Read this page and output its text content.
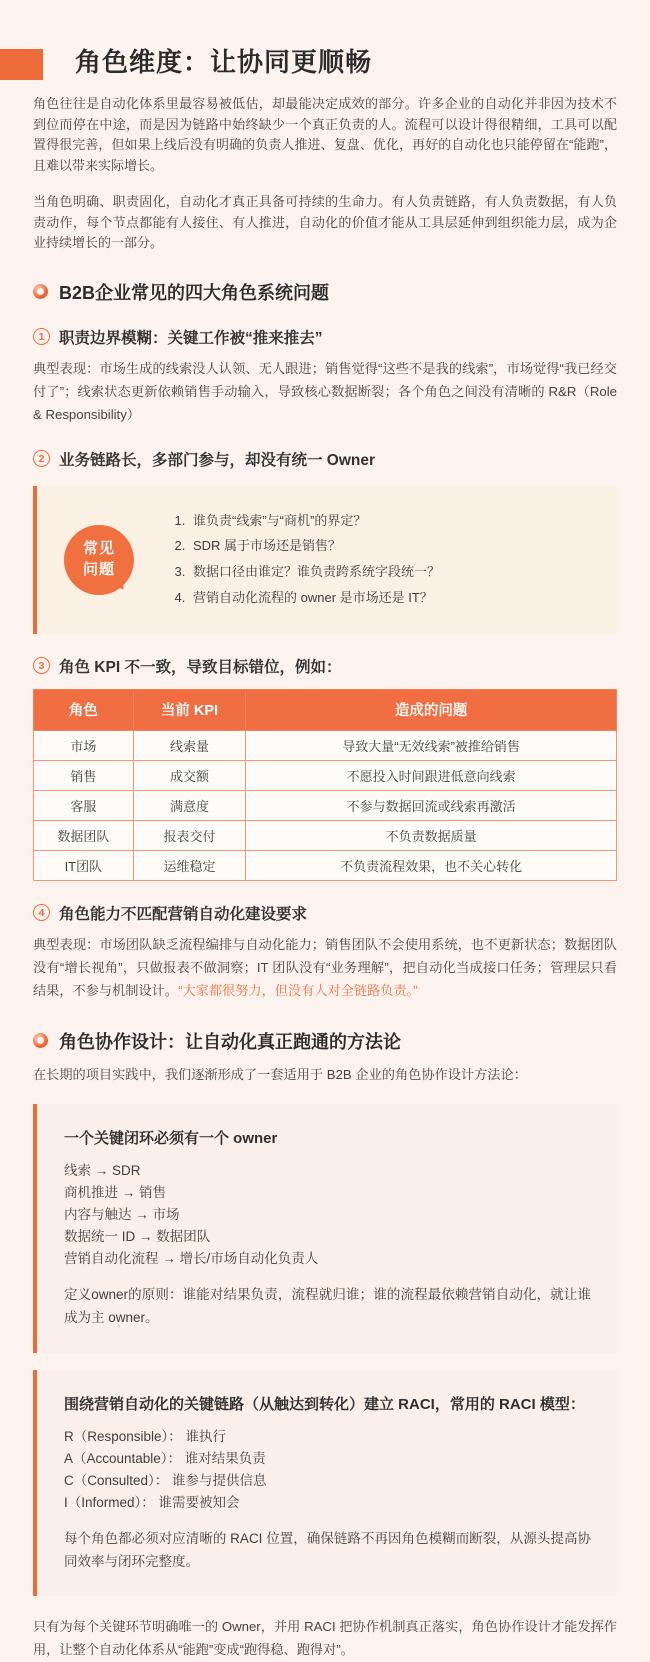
角色维度：让协同更顺畅

角色往往是自动化体系里最容易被低估，却最能决定成效的部分。许多企业的自动化并非因为技术不到位而停在中途，而是因为链路中始终缺少一个真正负责的人。流程可以设计得很精细，工具可以配置得很完善，但如果上线后没有明确的负责人推进、复盘、优化，再好的自动化也只能停留在“能跑”，且难以带来实际增长。

当角色明确、职责固化，自动化才真正具备可持续的生命力。有人负责链路，有人负责数据，有人负责动作，每个节点都能有人接住、有人推进，自动化的价值才能从工具层延伸到组织能力层，成为企业持续增长的一部分。

B2B企业常见的四大角色系统问题
1 职责边界模糊：关键工作被“推来推去”

典型表现：市场生成的线索没人认领、无人跟进；销售觉得“这些不是我的线索”，市场觉得“我已经交付了”；线索状态更新依赖销售手动输入，导致核心数据断裂；各个角色之间没有清晰的 R&R（Role & Responsibility）

2 业务链路长，多部门参与，却没有统一 Owner
常见问题
1. 谁负责“线索”与“商机”的界定？
2. SDR 属于市场还是销售？
3. 数据口径由谁定？谁负责跨系统字段统一？
4. 营销自动化流程的 owner 是市场还是 IT？
3 角色 KPI 不一致，导致目标错位，例如：
角色	当前 KPI	造成的问题
市场	线索量	导致大量“无效线索”被推给销售
销售	成交额	不愿投入时间跟进低意向线索
客服	满意度	不参与数据回流或线索再激活
数据团队	报表交付	不负责数据质量
IT团队	运维稳定	不负责流程效果，也不关心转化
4 角色能力不匹配营销自动化建设要求

典型表现：市场团队缺乏流程编排与自动化能力；销售团队不会使用系统，也不更新状态；数据团队没有“增长视角”，只做报表不做洞察；IT 团队没有“业务理解”，把自动化当成接口任务；管理层只看结果，不参与机制设计。“大家都很努力，但没有人对全链路负责。”

角色协作设计：让自动化真正跑通的方法论

在长期的项目实践中，我们逐渐形成了一套适用于 B2B 企业的角色协作设计方法论：

一个关键闭环必须有一个 owner
线索 → SDR
商机推进 → 销售
内容与触达 → 市场
数据统一 ID → 数据团队
营销自动化流程 → 增长/市场自动化负责人

定义owner的原则：谁能对结果负责，流程就归谁；谁的流程最依赖营销自动化，就让谁成为主 owner。

围绕营销自动化的关键链路（从触达到转化）建立 RACI，常用的 RACI 模型：
R（Responsible）： 谁执行
A（Accountable）： 谁对结果负责
C（Consulted）： 谁参与提供信息
I（Informed）： 谁需要被知会

每个角色都必须对应清晰的 RACI 位置，确保链路不再因角色模糊而断裂，从源头提高协同效率与闭环完整度。

只有为每个关键环节明确唯一的 Owner，并用 RACI 把协作机制真正落实，角色协作设计才能发挥作用，让整个自动化体系从“能跑”变成“跑得稳、跑得对”。
